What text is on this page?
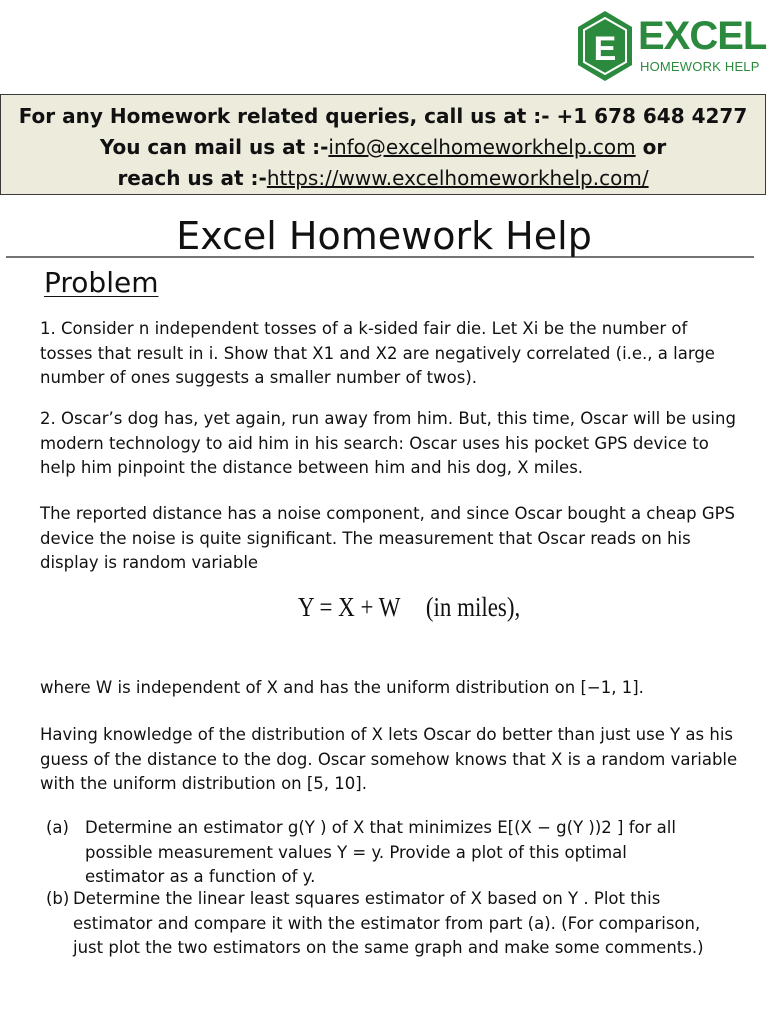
E EXCEL
HOMEWORK HELP
For any Homework related queries, call us at :- +1 678 648 4277
You can mail us at :-info@excelhomeworkhelp.com or
reach us at :-https://www.excelhomeworkhelp.com/
Excel Homework Help
Problem
1. Consider n independent tosses of a k-sided fair die. Let Xi be the number of tosses that result in i. Show that X1 and X2 are negatively correlated (i.e., a large number of ones suggests a smaller number of twos).
2. Oscar’s dog has, yet again, run away from him. But, this time, Oscar will be using modern technology to aid him in his search: Oscar uses his pocket GPS device to help him pinpoint the distance between him and his dog, X miles.
The reported distance has a noise component, and since Oscar bought a cheap GPS device the noise is quite significant. The measurement that Oscar reads on his display is random variable
Y = X + W (in miles),
where W is independent of X and has the uniform distribution on [−1, 1].
Having knowledge of the distribution of X lets Oscar do better than just use Y as his guess of the distance to the dog. Oscar somehow knows that X is a random variable with the uniform distribution on [5, 10].
(a) Determine an estimator g(Y ) of X that minimizes E[(X − g(Y ))2 ] for all possible measurement values Y = y. Provide a plot of this optimal estimator as a function of y.
(b) Determine the linear least squares estimator of X based on Y . Plot this estimator and compare it with the estimator from part (a). (For comparison, just plot the two estimators on the same graph and make some comments.)
